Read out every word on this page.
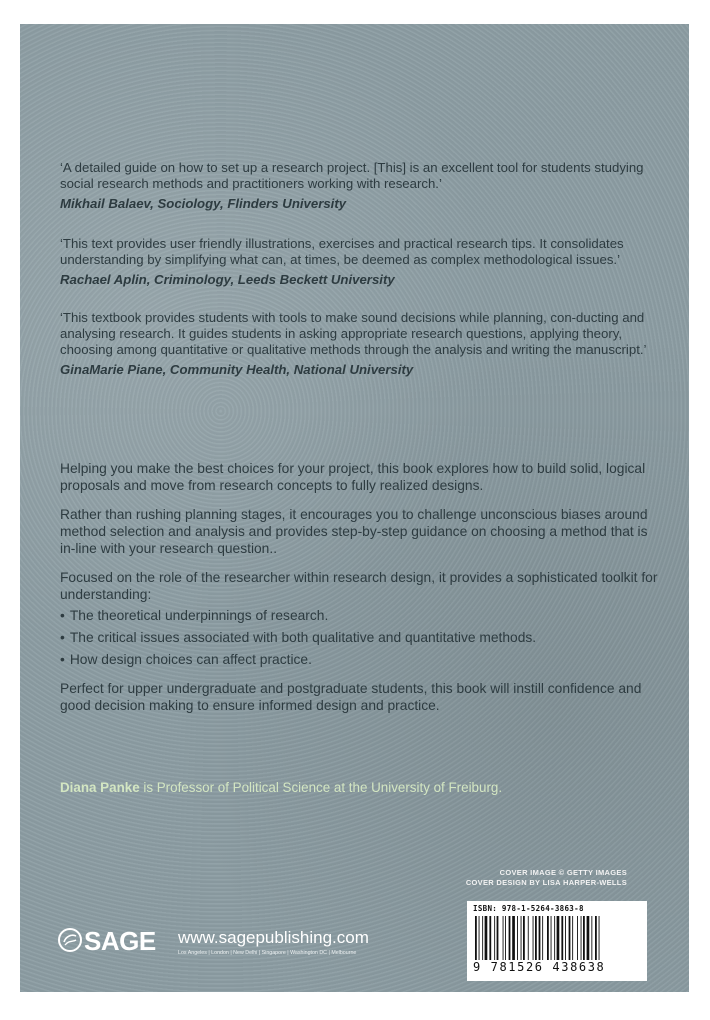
‘A detailed guide on how to set up a research project. [This] is an excellent tool for students studying social research methods and practitioners working with research.’

Mikhail Balaev, Sociology, Flinders University

‘This text provides user friendly illustrations, exercises and practical research tips. It consolidates understanding by simplifying what can, at times, be deemed as complex methodological issues.’

Rachael Aplin, Criminology, Leeds Beckett University

‘This textbook provides students with tools to make sound decisions while planning, con-ducting and analysing research. It guides students in asking appropriate research questions, applying theory, choosing among quantitative or qualitative methods through the analysis and writing the manuscript.’

GinaMarie Piane, Community Health, National University

Helping you make the best choices for your project, this book explores how to build solid, logical proposals and move from research concepts to fully realized designs.

Rather than rushing planning stages, it encourages you to challenge unconscious biases around method selection and analysis and provides step-by-step guidance on choosing a method that is in-line with your research question..

Focused on the role of the researcher within research design, it provides a sophisticated toolkit for understanding:

• The theoretical underpinnings of research.
• The critical issues associated with both qualitative and quantitative methods.
• How design choices can affect practice.

Perfect for upper undergraduate and postgraduate students, this book will instill confidence and good decision making to ensure informed design and practice.

Diana Panke is Professor of Political Science at the University of Freiburg.
COVER IMAGE © GETTY IMAGES
COVER DESIGN BY LISA HARPER-WELLS
SAGE www.sagepublishing.com
Los Angeles | London | New Delhi | Singapore | Washington DC | Melbourne
ISBN: 978-1-5264-3863-8
9 781526 438638
